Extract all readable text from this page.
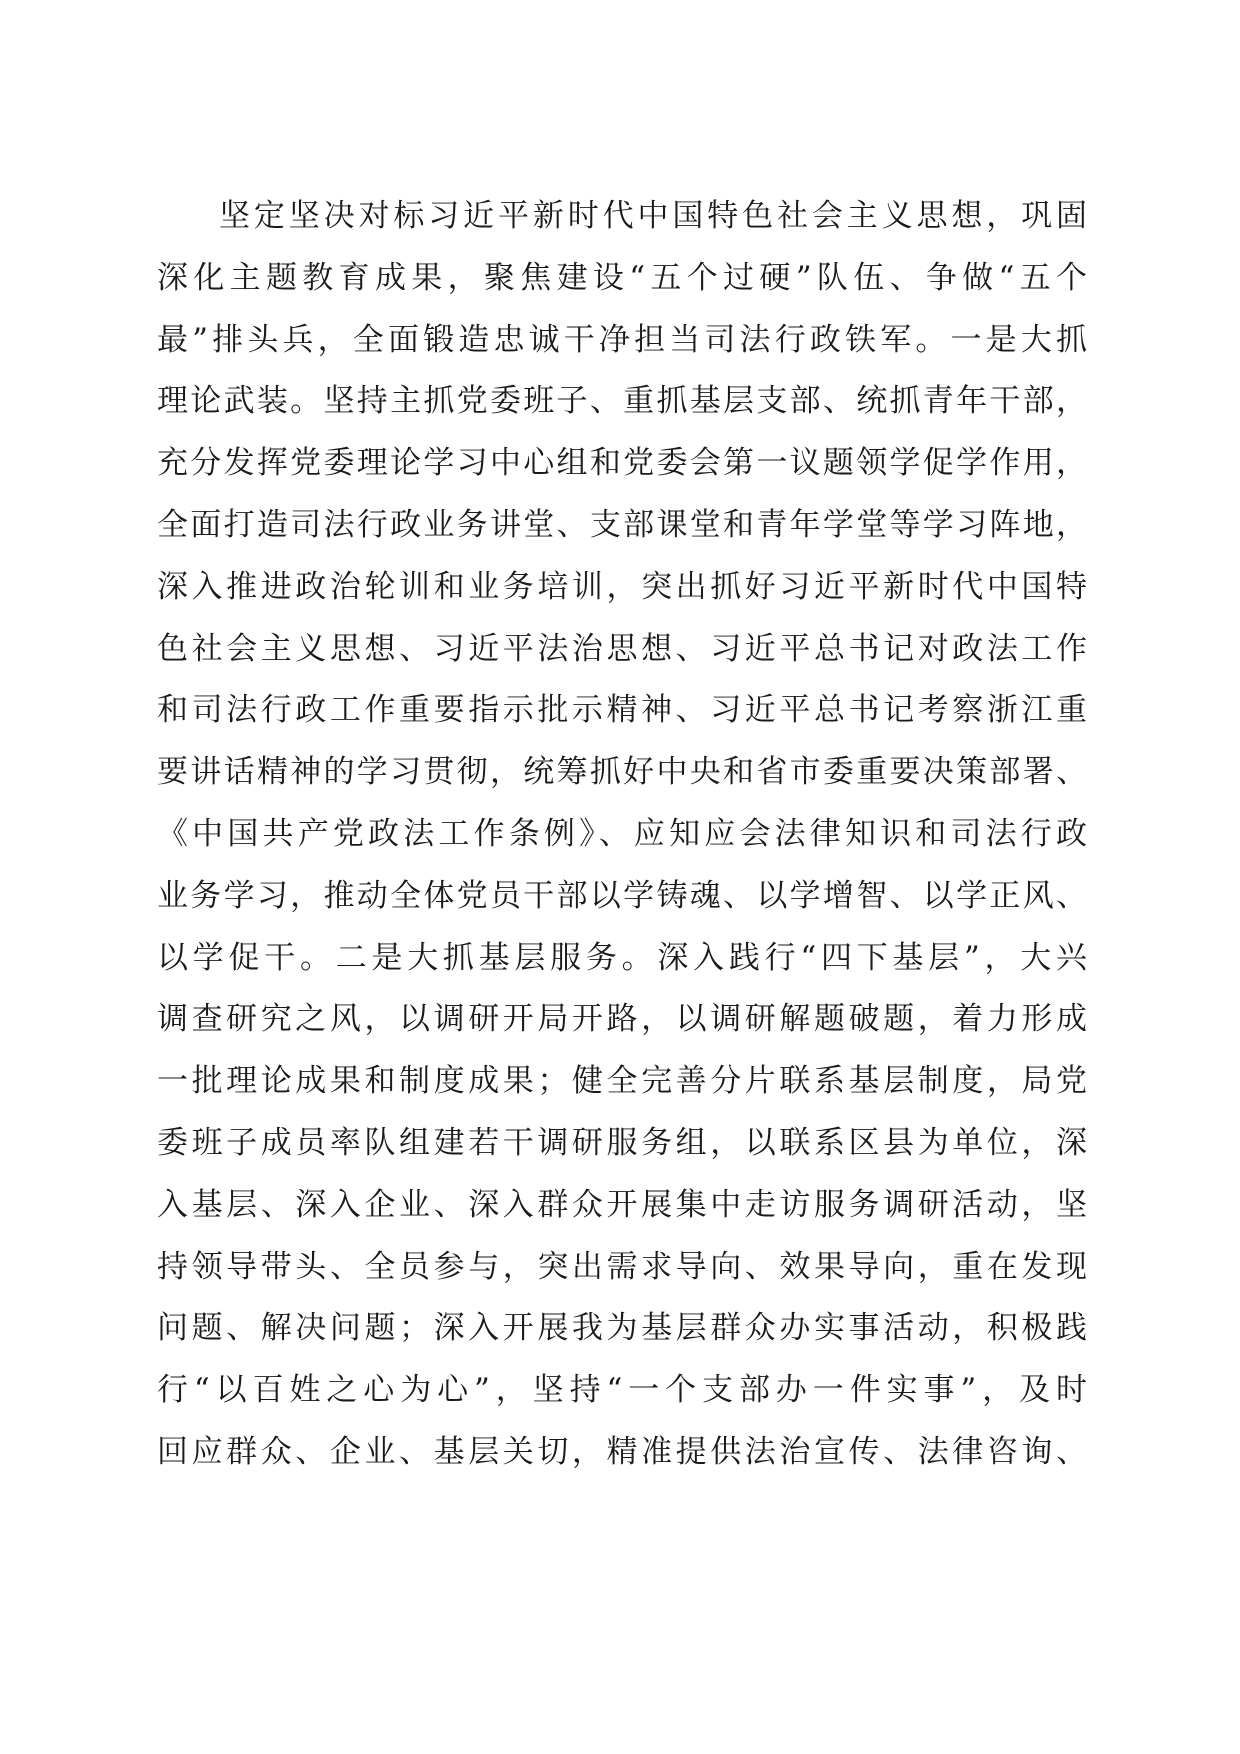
坚定坚决对标习近平新时代中国特色社会主义思想，巩固
深化主题教育成果，聚焦建设“五个过硬”队伍、争做“五个
最”排头兵，全面锻造忠诚干净担当司法行政铁军。一是大抓
理论武装。坚持主抓党委班子、重抓基层支部、统抓青年干部，
充分发挥党委理论学习中心组和党委会第一议题领学促学作用，
全面打造司法行政业务讲堂、支部课堂和青年学堂等学习阵地，
深入推进政治轮训和业务培训，突出抓好习近平新时代中国特
色社会主义思想、习近平法治思想、习近平总书记对政法工作
和司法行政工作重要指示批示精神、习近平总书记考察浙江重
要讲话精神的学习贯彻，统筹抓好中央和省市委重要决策部署、
《中国共产党政法工作条例》、应知应会法律知识和司法行政
业务学习，推动全体党员干部以学铸魂、以学增智、以学正风、
以学促干。二是大抓基层服务。深入践行“四下基层”，大兴
调查研究之风，以调研开局开路，以调研解题破题，着力形成
一批理论成果和制度成果；健全完善分片联系基层制度，局党
委班子成员率队组建若干调研服务组，以联系区县为单位，深
入基层、深入企业、深入群众开展集中走访服务调研活动，坚
持领导带头、全员参与，突出需求导向、效果导向，重在发现
问题、解决问题；深入开展我为基层群众办实事活动，积极践
行“以百姓之心为心”，坚持“一个支部办一件实事”，及时
回应群众、企业、基层关切，精准提供法治宣传、法律咨询、
